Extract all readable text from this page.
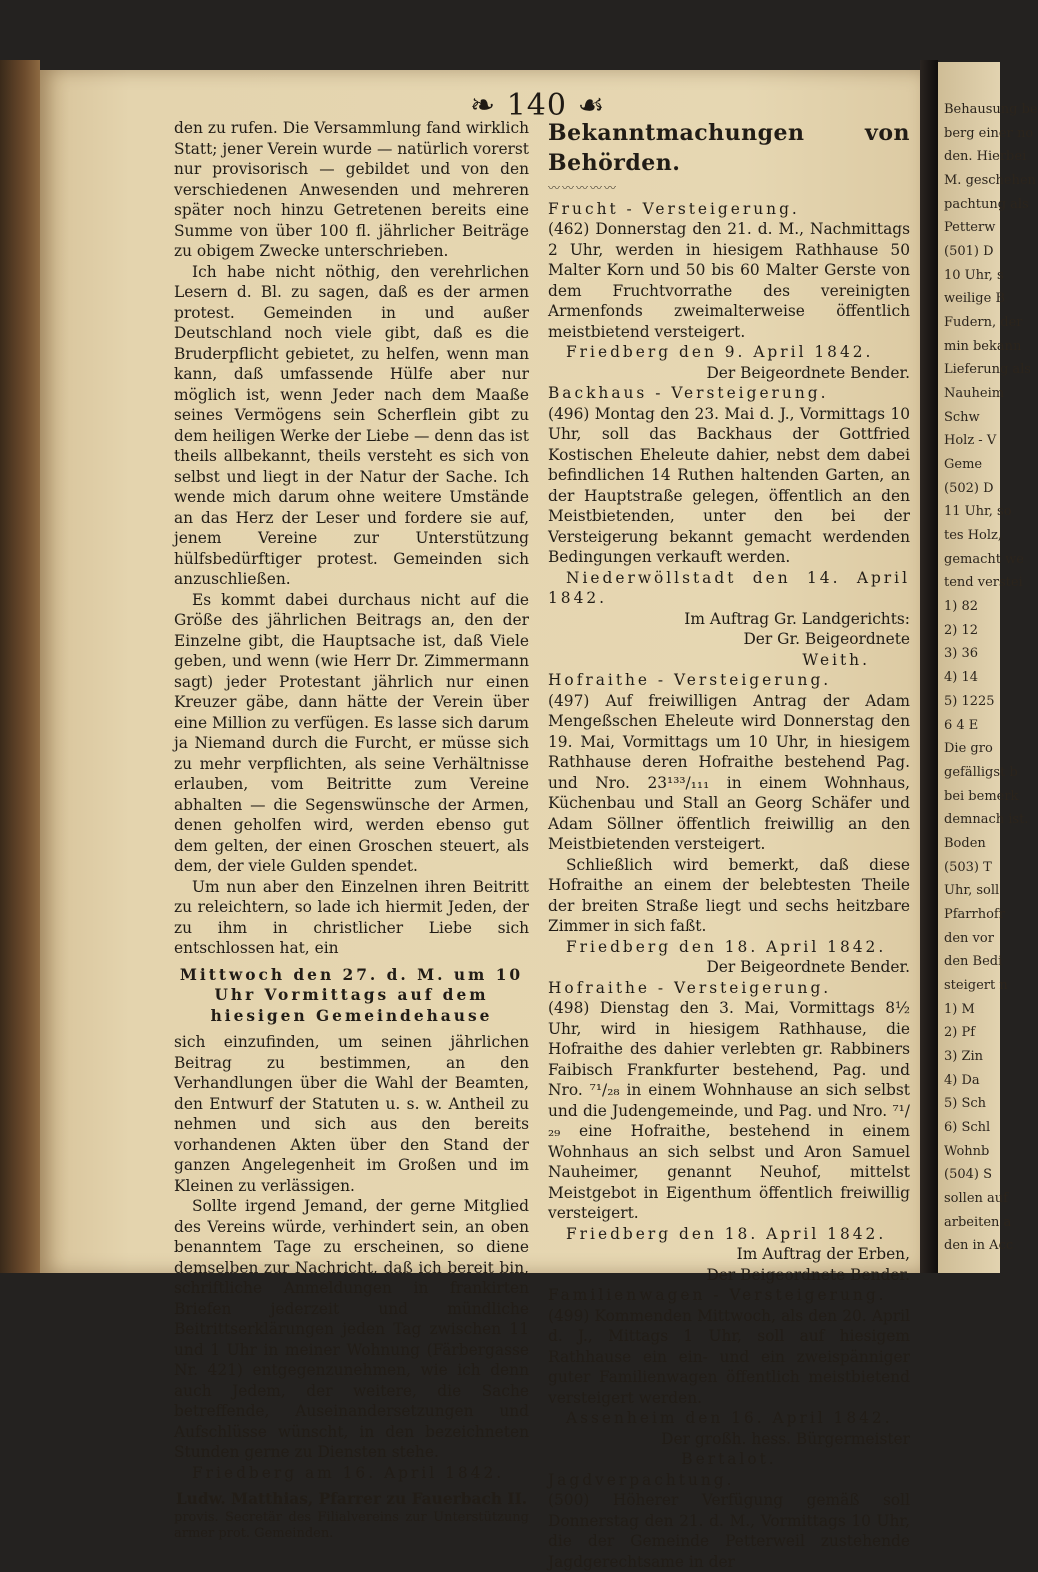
Behausung be
berg einer no
den. Hierbei
M. geschehen
pachtung als
Petterw
(501) D
10 Uhr, s
weilige B
Fudern, der
min bekann
Lieferung als
Nauheim
Schw
Holz - V
Geme
(502) D
11 Uhr, so
tes Holz,
gemacht we
tend verstei
1) 82
2) 12
3) 36
4) 14
5) 1225
6 4 E
Die gro
gefälligst b
bei bemerk
demnach ist.
Boden
(503) T
Uhr, soll
Pfarrhofr
den vor
den Bedi
steigert n
1) M
2) Pf
3) Zin
4) Da
5) Sch
6) Schl
Wohnb
(504) S
sollen auf
arbeiten a
den in Acc
❧ 140 ☙

den zu rufen. Die Versammlung fand wirklich Statt; jener Verein wurde — natürlich vorerst nur provisorisch — gebildet und von den verschiedenen Anwesenden und mehreren später noch hinzu Getretenen bereits eine Summe von über 100 fl. jährlicher Beiträge zu obigem Zwecke unterschrieben.

Ich habe nicht nöthig, den verehrlichen Lesern d. Bl. zu sagen, daß es der armen protest. Gemeinden in und außer Deutschland noch viele gibt, daß es die Bruderpflicht gebietet, zu helfen, wenn man kann, daß umfassende Hülfe aber nur möglich ist, wenn Jeder nach dem Maaße seines Vermögens sein Scherflein gibt zu dem heiligen Werke der Liebe — denn das ist theils allbekannt, theils versteht es sich von selbst und liegt in der Natur der Sache. Ich wende mich darum ohne weitere Umstände an das Herz der Leser und fordere sie auf, jenem Vereine zur Unterstützung hülfsbedürftiger protest. Gemeinden sich anzuschließen.

Es kommt dabei durchaus nicht auf die Größe des jährlichen Beitrags an, den der Einzelne gibt, die Hauptsache ist, daß Viele geben, und wenn (wie Herr Dr. Zimmermann sagt) jeder Protestant jährlich nur einen Kreuzer gäbe, dann hätte der Verein über eine Million zu verfügen. Es lasse sich darum ja Niemand durch die Furcht, er müsse sich zu mehr verpflichten, als seine Verhältnisse erlauben, vom Beitritte zum Vereine abhalten — die Segenswünsche der Armen, denen geholfen wird, werden ebenso gut dem gelten, der einen Groschen steuert, als dem, der viele Gulden spendet.

Um nun aber den Einzelnen ihren Beitritt zu releichtern, so lade ich hiermit Jeden, der zu ihm in christlicher Liebe sich entschlossen hat, ein

Mittwoch den 27. d. M. um 10 Uhr Vormittags auf dem hiesigen Gemeindehause

sich einzufinden, um seinen jährlichen Beitrag zu bestimmen, an den Verhandlungen über die Wahl der Beamten, den Entwurf der Statuten u. s. w. Antheil zu nehmen und sich aus den bereits vorhandenen Akten über den Stand der ganzen Angelegenheit im Großen und im Kleinen zu verlässigen.

Sollte irgend Jemand, der gerne Mitglied des Vereins würde, verhindert sein, an oben benanntem Tage zu erscheinen, so diene demselben zur Nachricht, daß ich bereit bin, schriftliche Anmeldungen in frankirten Briefen jederzeit und mündliche Beitrittserklärungen jeden Tag zwischen 11 und 1 Uhr in meiner Wohnung (Färbergasse Nr. 421) entgegenzunehmen, wie ich denn auch Jedem, der weitere, die Sache betreffende, Auseinandersetzungen und Aufschlüsse wünscht, in den bezeichneten Stunden gerne zu Diensten stehe.

Friedberg am 16. April 1842.

Ludw. Matthias, Pfarrer zu Fauerbach II.

provis. Secretär des Filialvereins zur Unterstützung armer prot. Gemeinden.

Bekanntmachungen von Behörden.

〰〰〰〰〰

Frucht - Versteigerung.

(462) Donnerstag den 21. d. M., Nachmittags 2 Uhr, werden in hiesigem Rathhause 50 Malter Korn und 50 bis 60 Malter Gerste von dem Fruchtvorrathe des vereinigten Armenfonds zweimalterweise öffentlich meistbietend versteigert.

Friedberg den 9. April 1842.

Der Beigeordnete Bender.

Backhaus - Versteigerung.

(496) Montag den 23. Mai d. J., Vormittags 10 Uhr, soll das Backhaus der Gottfried Kostischen Eheleute dahier, nebst dem dabei befindlichen 14 Ruthen haltenden Garten, an der Hauptstraße gelegen, öffentlich an den Meistbietenden, unter den bei der Versteigerung bekannt gemacht werdenden Bedingungen verkauft werden.

Niederwöllstadt den 14. April 1842.

Im Auftrag Gr. Landgerichts:

Der Gr. Beigeordnete

Weith.

Hofraithe - Versteigerung.

(497) Auf freiwilligen Antrag der Adam Mengeßschen Eheleute wird Donnerstag den 19. Mai, Vormittags um 10 Uhr, in hiesigem Rathhause deren Hofraithe bestehend Pag. und Nro. 23¹³³/₁₁₁ in einem Wohnhaus, Küchenbau und Stall an Georg Schäfer und Adam Söllner öffentlich freiwillig an den Meistbietenden versteigert.

Schließlich wird bemerkt, daß diese Hofraithe an einem der belebtesten Theile der breiten Straße liegt und sechs heitzbare Zimmer in sich faßt.

Friedberg den 18. April 1842.

Der Beigeordnete Bender.

Hofraithe - Versteigerung.

(498) Dienstag den 3. Mai, Vormittags 8½ Uhr, wird in hiesigem Rathhause, die Hofraithe des dahier verlebten gr. Rabbiners Faibisch Frankfurter bestehend, Pag. und Nro. ⁷¹/₂₈ in einem Wohnhause an sich selbst und die Judengemeinde, und Pag. und Nro. ⁷¹/₂₉ eine Hofraithe, bestehend in einem Wohnhaus an sich selbst und Aron Samuel Nauheimer, genannt Neuhof, mittelst Meistgebot in Eigenthum öffentlich freiwillig versteigert.

Friedberg den 18. April 1842.

Im Auftrag der Erben,

Der Beigeordnete Bender.

Familienwagen - Versteigerung.

(499) Kommenden Mittwoch, als den 20. April d. J., Mittags 1 Uhr, soll auf hiesigem Rathhause ein ein- und ein zweispänniger guter Familienwagen öffentlich meistbietend versteigert werden.

Assenheim den 16. April 1842.

Der großh. hess. Bürgermeister

Bertalot.

Jagdverpachtung.

(500) Höherer Verfügung gemäß soll Donnerstag den 21. d. M., Vormittags 10 Uhr, die der Gemeinde Petterweil zustehende Jagdgerechtsame in der
